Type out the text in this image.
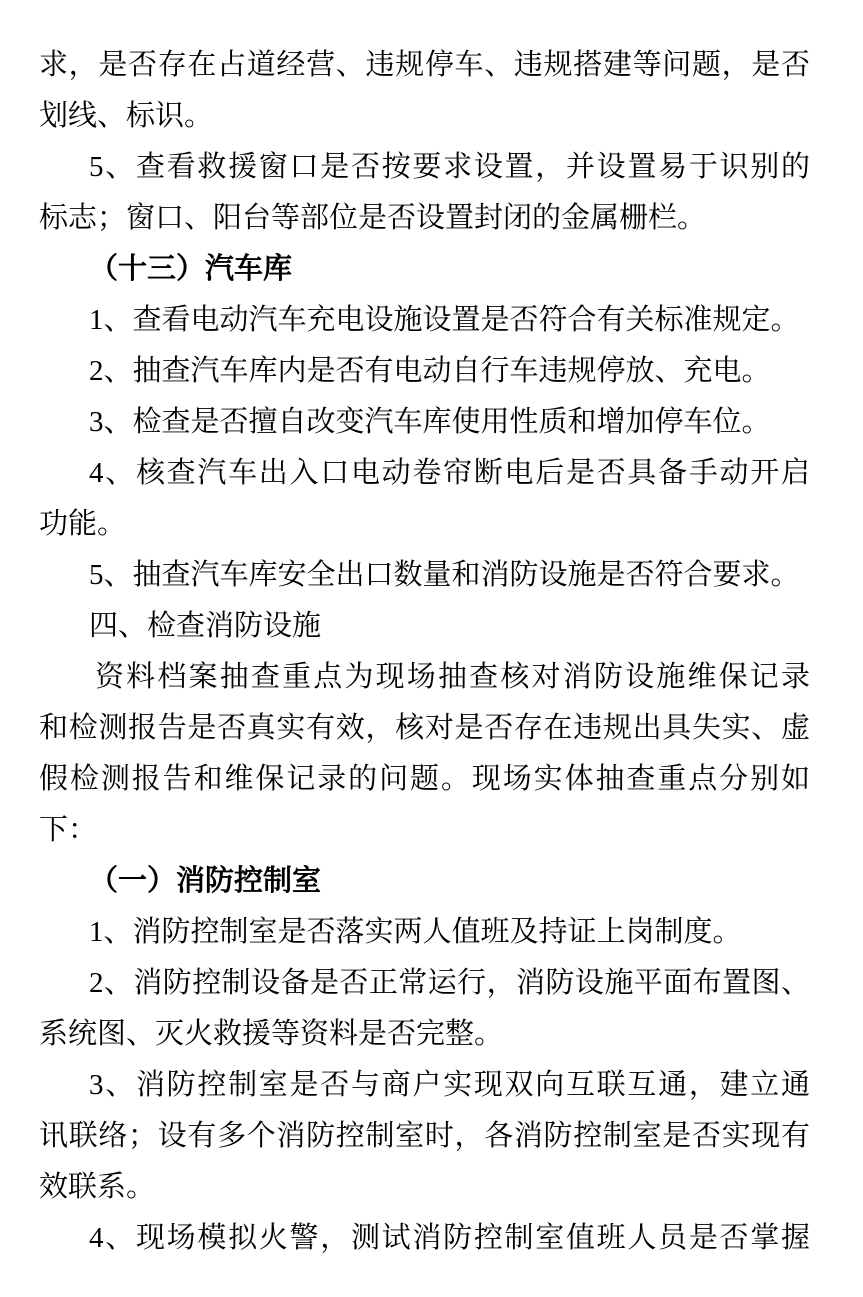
求，是否存在占道经营、违规停车、违规搭建等问题，是否
划线、标识。
5、查看救援窗口是否按要求设置，并设置易于识别的
标志；窗口、阳台等部位是否设置封闭的金属栅栏。
（十三）汽车库
1、查看电动汽车充电设施设置是否符合有关标准规定。
2、抽查汽车库内是否有电动自行车违规停放、充电。
3、检查是否擅自改变汽车库使用性质和增加停车位。
4、核查汽车出入口电动卷帘断电后是否具备手动开启
功能。
5、抽查汽车库安全出口数量和消防设施是否符合要求。
四、检查消防设施
资料档案抽查重点为现场抽查核对消防设施维保记录
和检测报告是否真实有效，核对是否存在违规出具失实、虚
假检测报告和维保记录的问题。现场实体抽查重点分别如
下：
（一）消防控制室
1、消防控制室是否落实两人值班及持证上岗制度。
2、消防控制设备是否正常运行，消防设施平面布置图、
系统图、灭火救援等资料是否完整。
3、消防控制室是否与商户实现双向互联互通，建立通
讯联络；设有多个消防控制室时，各消防控制室是否实现有
效联系。
4、现场模拟火警，测试消防控制室值班人员是否掌握
